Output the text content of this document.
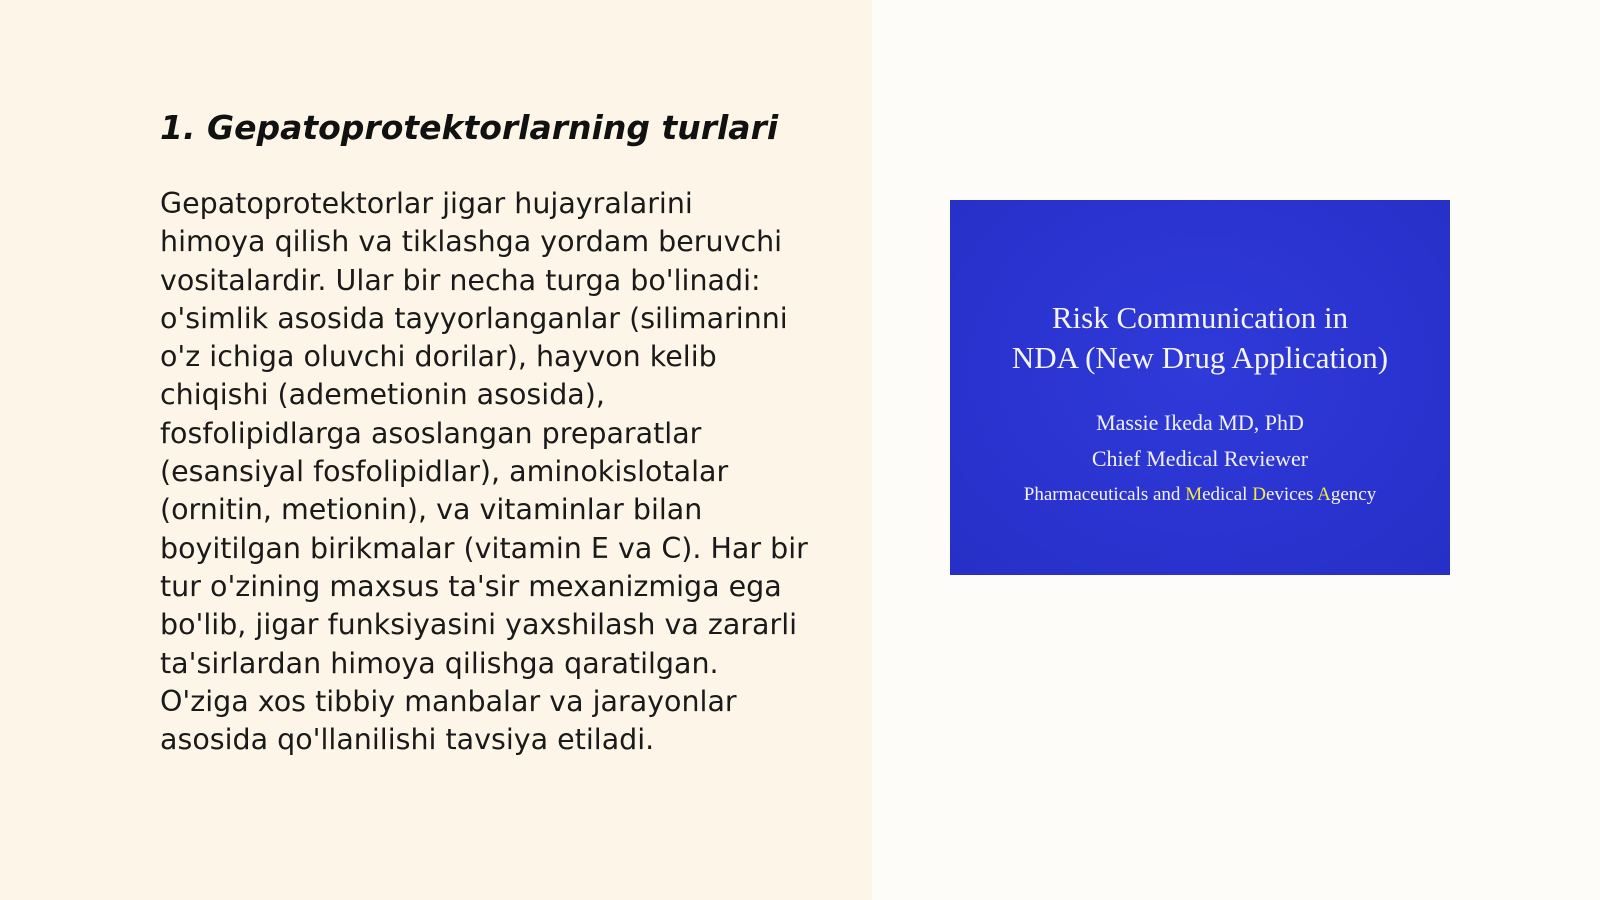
1. Gepatoprotektorlarning turlari

Gepatoprotektorlar jigar hujayralarini
himoya qilish va tiklashga yordam beruvchi
vositalardir. Ular bir necha turga bo'linadi:
o'simlik asosida tayyorlanganlar (silimarinni
o'z ichiga oluvchi dorilar), hayvon kelib
chiqishi (ademetionin asosida),
fosfolipidlarga asoslangan preparatlar
(esansiyal fosfolipidlar), aminokislotalar
(ornitin, metionin), va vitaminlar bilan
boyitilgan birikmalar (vitamin E va C). Har bir
tur o'zining maxsus ta'sir mexanizmiga ega
bo'lib, jigar funksiyasini yaxshilash va zararli
ta'sirlardan himoya qilishga qaratilgan.
O'ziga xos tibbiy manbalar va jarayonlar
asosida qo'llanilishi tavsiya etiladi.

Risk Communication in
NDA (New Drug Application)
Massie Ikeda MD, PhD
Chief Medical Reviewer
Pharmaceuticals and Medical Devices Agency
